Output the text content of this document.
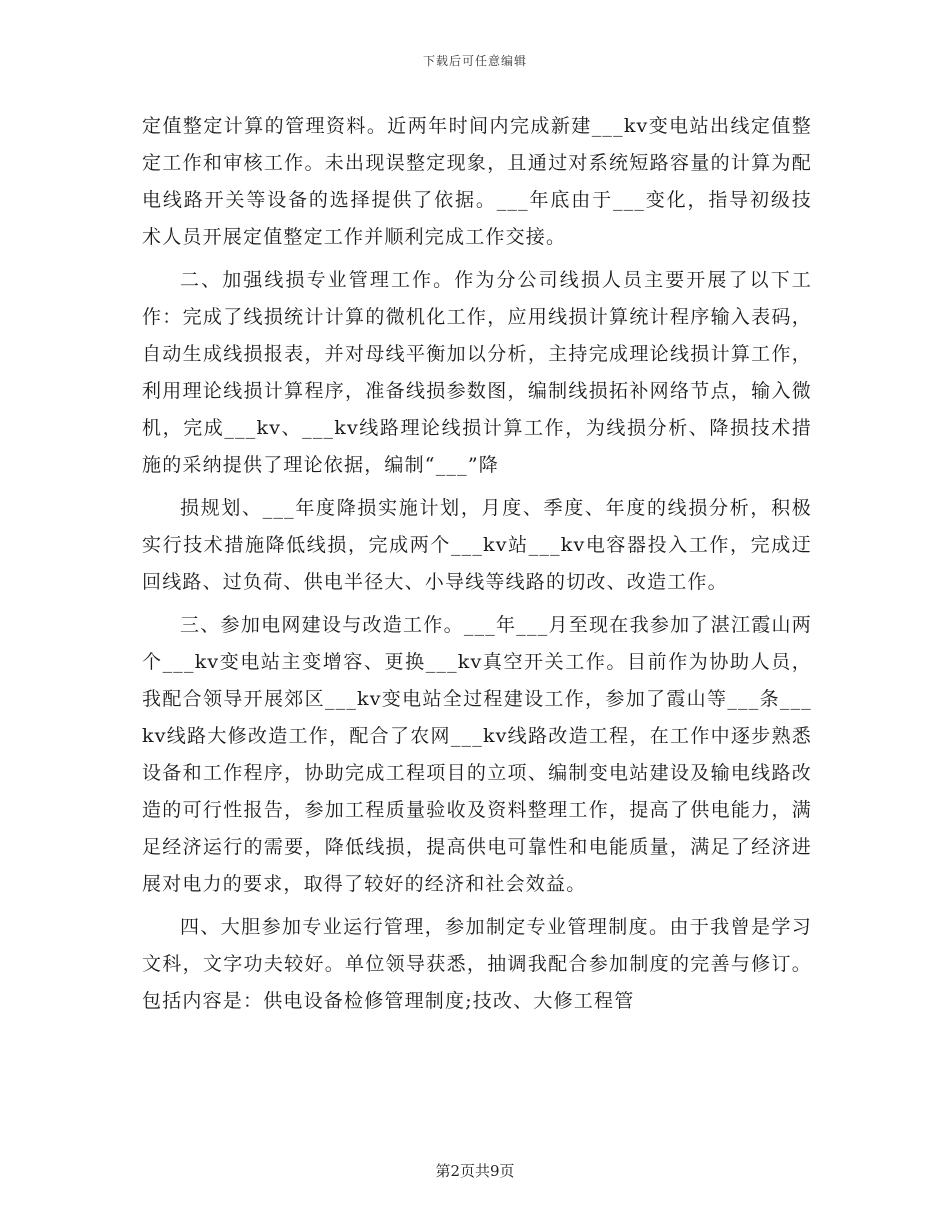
下载后可任意编辑

定值整定计算的管理资料。近两年时间内完成新建___kv变电站出线定值整定工作和审核工作。未出现误整定现象，且通过对系统短路容量的计算为配电线路开关等设备的选择提供了依据。___年底由于___变化，指导初级技术人员开展定值整定工作并顺利完成工作交接。

二、加强线损专业管理工作。作为分公司线损人员主要开展了以下工作：完成了线损统计计算的微机化工作，应用线损计算统计程序输入表码，自动生成线损报表，并对母线平衡加以分析，主持完成理论线损计算工作，利用理论线损计算程序，准备线损参数图，编制线损拓补网络节点，输入微机，完成___kv、___kv线路理论线损计算工作，为线损分析、降损技术措施的采纳提供了理论依据，编制“___”降

损规划、___年度降损实施计划，月度、季度、年度的线损分析，积极实行技术措施降低线损，完成两个___kv站___kv电容器投入工作，完成迂回线路、过负荷、供电半径大、小导线等线路的切改、改造工作。

三、参加电网建设与改造工作。___年___月至现在我参加了湛江霞山两个___kv变电站主变增容、更换___kv真空开关工作。目前作为协助人员，我配合领导开展郊区___kv变电站全过程建设工作，参加了霞山等___条___kv线路大修改造工作，配合了农网___kv线路改造工程，在工作中逐步熟悉设备和工作程序，协助完成工程项目的立项、编制变电站建设及输电线路改造的可行性报告，参加工程质量验收及资料整理工作，提高了供电能力，满足经济运行的需要，降低线损，提高供电可靠性和电能质量，满足了经济进展对电力的要求，取得了较好的经济和社会效益。

四、大胆参加专业运行管理，参加制定专业管理制度。由于我曾是学习文科，文字功夫较好。单位领导获悉，抽调我配合参加制度的完善与修订。包括内容是：供电设备检修管理制度;技改、大修工程管

第2页共9页
